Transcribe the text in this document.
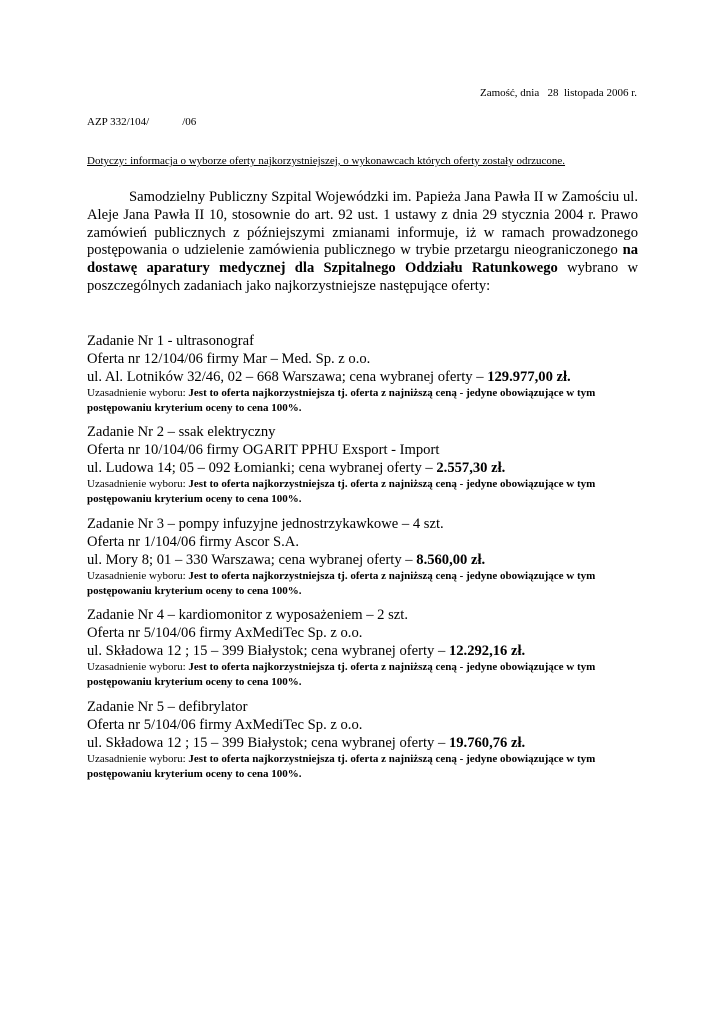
Zamość, dnia   28  listopada 2006 r.
AZP 332/104/            /06
Dotyczy: informacja o wyborze oferty najkorzystniejszej, o wykonawcach których oferty zostały odrzucone.

Samodzielny Publiczny Szpital Wojewódzki im. Papieża Jana Pawła II w Zamościu ul. Aleje Jana Pawła II 10, stosownie do art. 92 ust. 1 ustawy z dnia 29 stycznia 2004 r. Prawo zamówień publicznych z późniejszymi zmianami informuje, iż w ramach prowadzonego postępowania o udzielenie zamówienia publicznego w trybie przetargu nieograniczonego na dostawę aparatury medycznej dla Szpitalnego Oddziału Ratunkowego wybrano w poszczególnych zadaniach jako najkorzystniejsze następujące oferty:

Zadanie Nr 1 - ultrasonograf
Oferta nr 12/104/06 firmy Mar – Med. Sp. z o.o.
ul. Al. Lotników 32/46, 02 – 668 Warszawa; cena wybranej oferty – 129.977,00 zł.
Uzasadnienie wyboru: Jest to oferta najkorzystniejsza tj. oferta z najniższą ceną - jedyne obowiązujące w tym postępowaniu kryterium oceny to cena 100%.
Zadanie Nr 2 – ssak elektryczny
Oferta nr 10/104/06 firmy OGARIT PPHU Exsport - Import
ul. Ludowa 14; 05 – 092 Łomianki; cena wybranej oferty – 2.557,30 zł.
Uzasadnienie wyboru: Jest to oferta najkorzystniejsza tj. oferta z najniższą ceną - jedyne obowiązujące w tym postępowaniu kryterium oceny to cena 100%.
Zadanie Nr 3 – pompy infuzyjne jednostrzykawkowe – 4 szt.
Oferta nr 1/104/06 firmy Ascor S.A.
ul. Mory 8; 01 – 330 Warszawa; cena wybranej oferty – 8.560,00 zł.
Uzasadnienie wyboru: Jest to oferta najkorzystniejsza tj. oferta z najniższą ceną - jedyne obowiązujące w tym postępowaniu kryterium oceny to cena 100%.
Zadanie Nr 4 – kardiomonitor z wyposażeniem – 2 szt.
Oferta nr 5/104/06 firmy AxMediTec Sp. z o.o.
ul. Składowa 12 ; 15 – 399 Białystok; cena wybranej oferty – 12.292,16 zł.
Uzasadnienie wyboru: Jest to oferta najkorzystniejsza tj. oferta z najniższą ceną - jedyne obowiązujące w tym postępowaniu kryterium oceny to cena 100%.
Zadanie Nr 5 – defibrylator
Oferta nr 5/104/06 firmy AxMediTec Sp. z o.o.
ul. Składowa 12 ; 15 – 399 Białystok; cena wybranej oferty – 19.760,76 zł.
Uzasadnienie wyboru: Jest to oferta najkorzystniejsza tj. oferta z najniższą ceną - jedyne obowiązujące w tym postępowaniu kryterium oceny to cena 100%.
